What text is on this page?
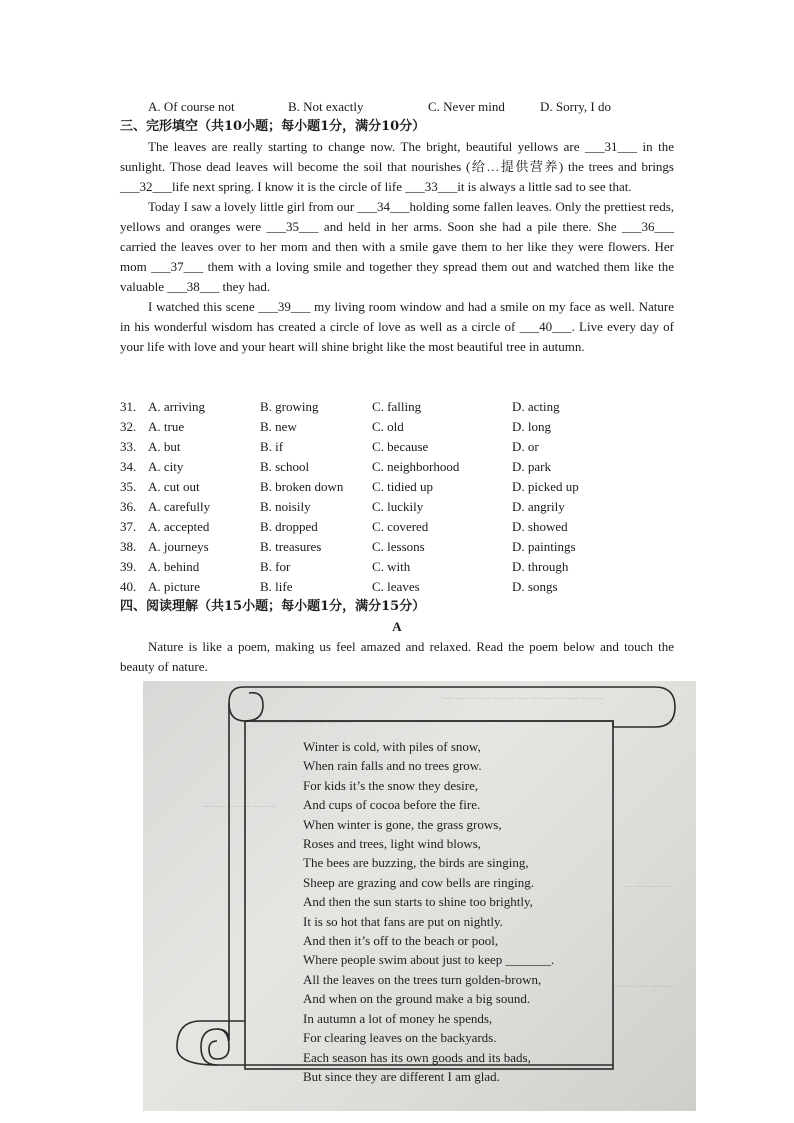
A. Of course not	B. Not exactly	C. Never mind	D. Sorry, I do
三、完形填空（共10小题；每小题1分，满分10分）

The leaves are really starting to change now. The bright, beautiful yellows are ___31___ in the sunlight. Those dead leaves will become the soil that nourishes (给…提供营养) the trees and brings ___32___life next spring. I know it is the circle of life ___33___it is always a little sad to see that.

Today I saw a lovely little girl from our ___34___holding some fallen leaves. Only the prettiest reds, yellows and oranges were ___35___ and held in her arms. Soon she had a pile there. She ___36___ carried the leaves over to her mom and then with a smile gave them to her like they were flowers. Her mom ___37___ them with a loving smile and together they spread them out and watched them like the valuable ___38___ they had.

I watched this scene ___39___ my living room window and had a smile on my face as well. Nature in his wonderful wisdom has created a circle of love as well as a circle of ___40___. Live every day of your life with love and your heart will shine bright like the most beautiful tree in autumn.

31. A. arriving	B. growing	C. falling	D. acting
32. A. true	B. new	C. old	D. long
33. A. but	B. if	C. because	D. or
34. A. city	B. school	C. neighborhood	D. park
35. A. cut out	B. broken down C. tidied up	D. picked up
36. A. carefully	B. noisily	C. luckily	D. angrily
37. A. accepted	B. dropped	C. covered	D. showed
38. A. journeys	B. treasures	C. lessons	D. paintings
39. A. behind	B. for	C. with	D. through
40. A. picture	B. life	C. leaves	D. songs
四、阅读理解（共15小题；每小题1分，满分15分）
A
Nature is like a poem, making us feel amazed and relaxed. Read the poem below and touch the beauty of nature.
— — — — — — — — — — — — —
— — — — — — — —
— — — — — —
— — — —
— — — — —
Winter is cold, with piles of snow,
When rain falls and no trees grow.
For kids it’s the snow they desire,
And cups of cocoa before the fire.
When winter is gone, the grass grows,
Roses and trees, light wind blows,
The bees are buzzing, the birds are singing,
Sheep are grazing and cow bells are ringing.
And then the sun starts to shine too brightly,
It is so hot that fans are put on nightly.
And then it’s off to the beach or pool,
Where people swim about just to keep _______.
All the leaves on the trees turn golden-brown,
And when on the ground make a big sound.
In autumn a lot of money he spends,
For clearing leaves on the backyards.
Each season has its own goods and its bads,
But since they are different I am glad.
